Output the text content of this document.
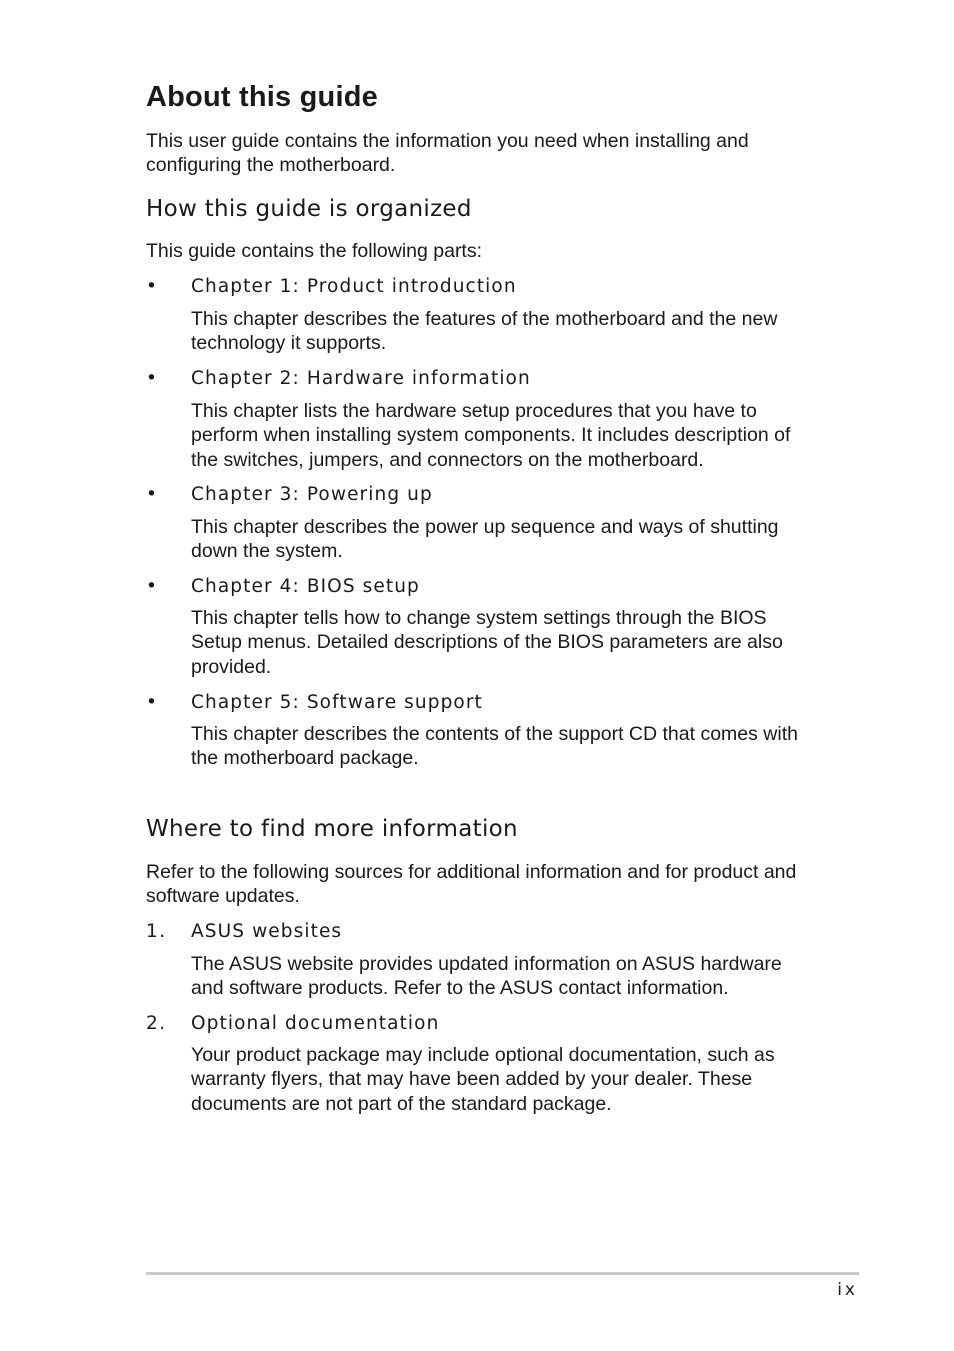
About this guide

This user guide contains the information you need when installing and configuring the motherboard.

How this guide is organized

This guide contains the following parts:

•	Chapter 1: Product introduction

This chapter describes the features of the motherboard and the new technology it supports.

•	Chapter 2: Hardware information

This chapter lists the hardware setup procedures that you have to perform when installing system components. It includes description of the switches, jumpers, and connectors on the motherboard.

•	Chapter 3: Powering up

This chapter describes the power up sequence and ways of shutting down the system.

•	Chapter 4: BIOS setup

This chapter tells how to change system settings through the BIOS Setup menus. Detailed descriptions of the BIOS parameters are also provided.

•	Chapter 5: Software support

This chapter describes the contents of the support CD that comes with the motherboard package.

Where to find more information

Refer to the following sources for additional information and for product and software updates.

1.	ASUS websites

The ASUS website provides updated information on ASUS hardware and software products. Refer to the ASUS contact information.

2.	Optional documentation

Your product package may include optional documentation, such as warranty flyers, that may have been added by your dealer. These documents are not part of the standard package.

ix
